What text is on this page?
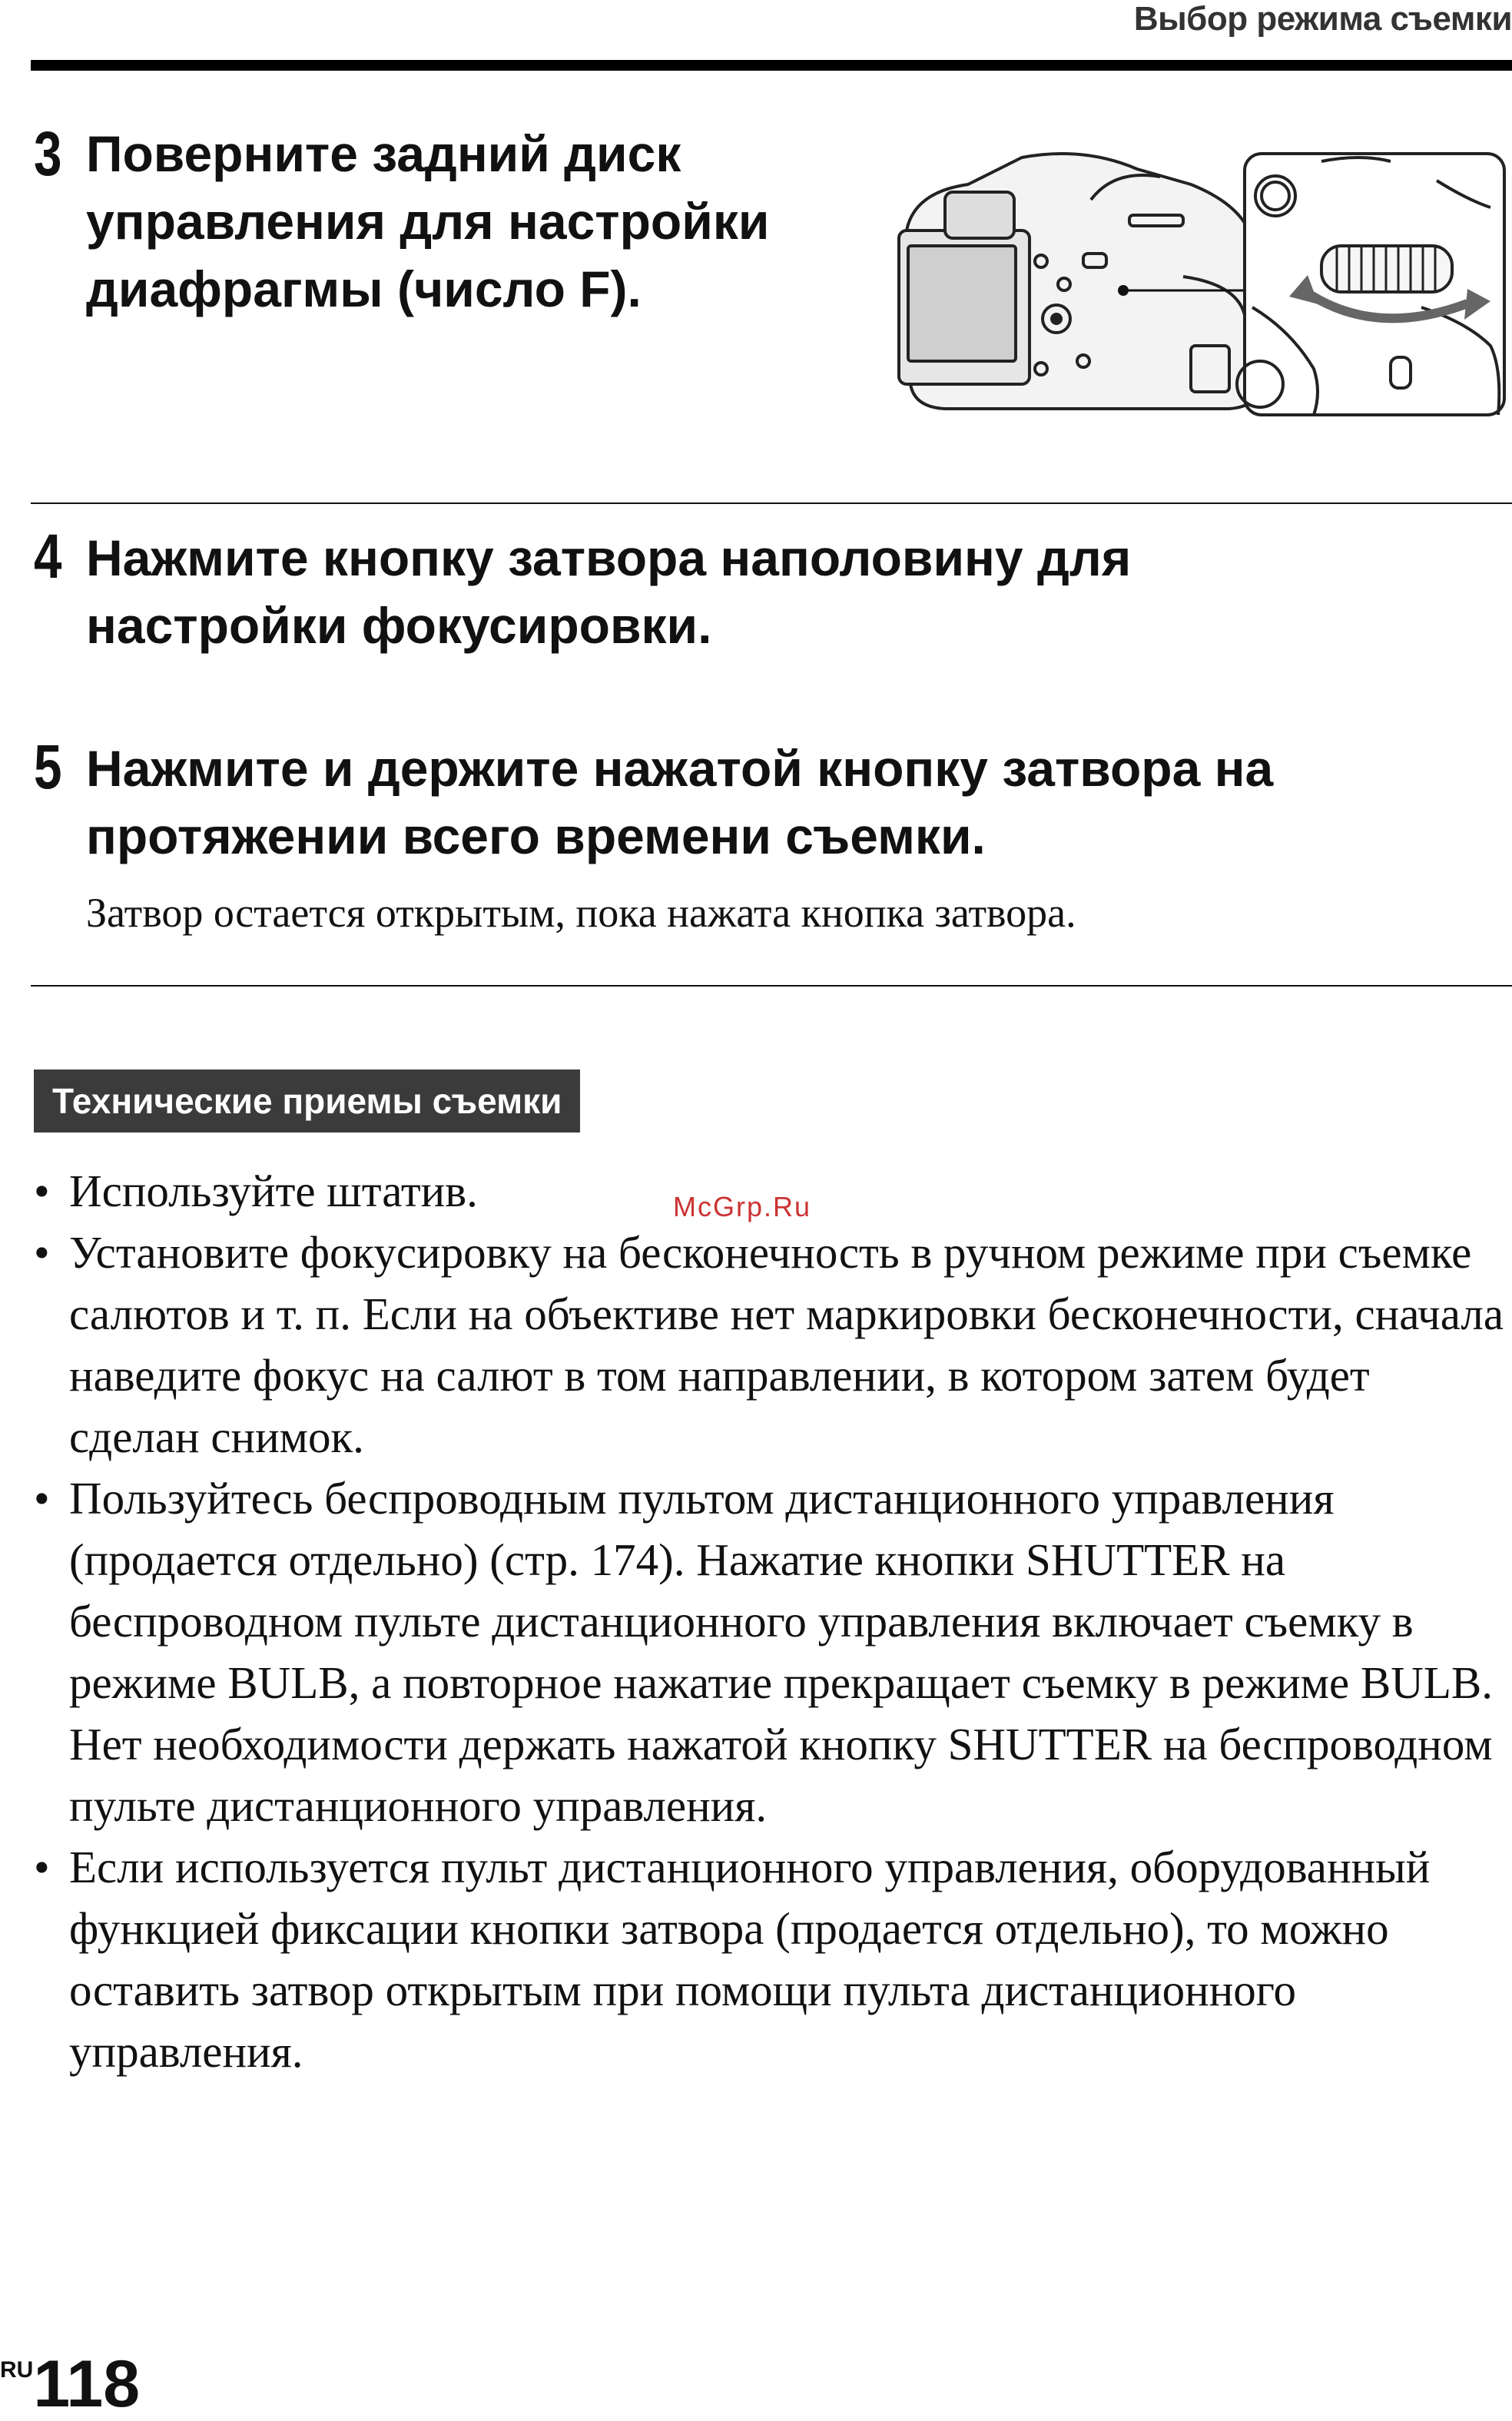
Выбор режима съемки
3 Поверните задний диск управления для настройки диафрагмы (число F).

4 Нажмите кнопку затвора наполовину для настройки фокусировки.

5 Нажмите и держите нажатой кнопку затвора на протяжении всего времени съемки.

Затвор остается открытым, пока нажата кнопка затвора.

Технические приемы съемки
McGrp.Ru
• Используйте штатив.
• Установите фокусировку на бесконечность в ручном режиме при съемке салютов и т. п. Если на объективе нет маркировки бесконечности, сначала наведите фокус на салют в том направлении, в котором затем будет сделан снимок.
• Пользуйтесь беспроводным пультом дистанционного управления (продается отдельно) (стр. 174). Нажатие кнопки SHUTTER на беспроводном пульте дистанционного управления включает съемку в режиме BULB, а повторное нажатие прекращает съемку в режиме BULB. Нет необходимости держать нажатой кнопку SHUTTER на беспроводном пульте дистанционного управления.
• Если используется пульт дистанционного управления, оборудованный функцией фиксации кнопки затвора (продается отдельно), то можно оставить затвор открытым при помощи пульта дистанционного управления.
RU118
